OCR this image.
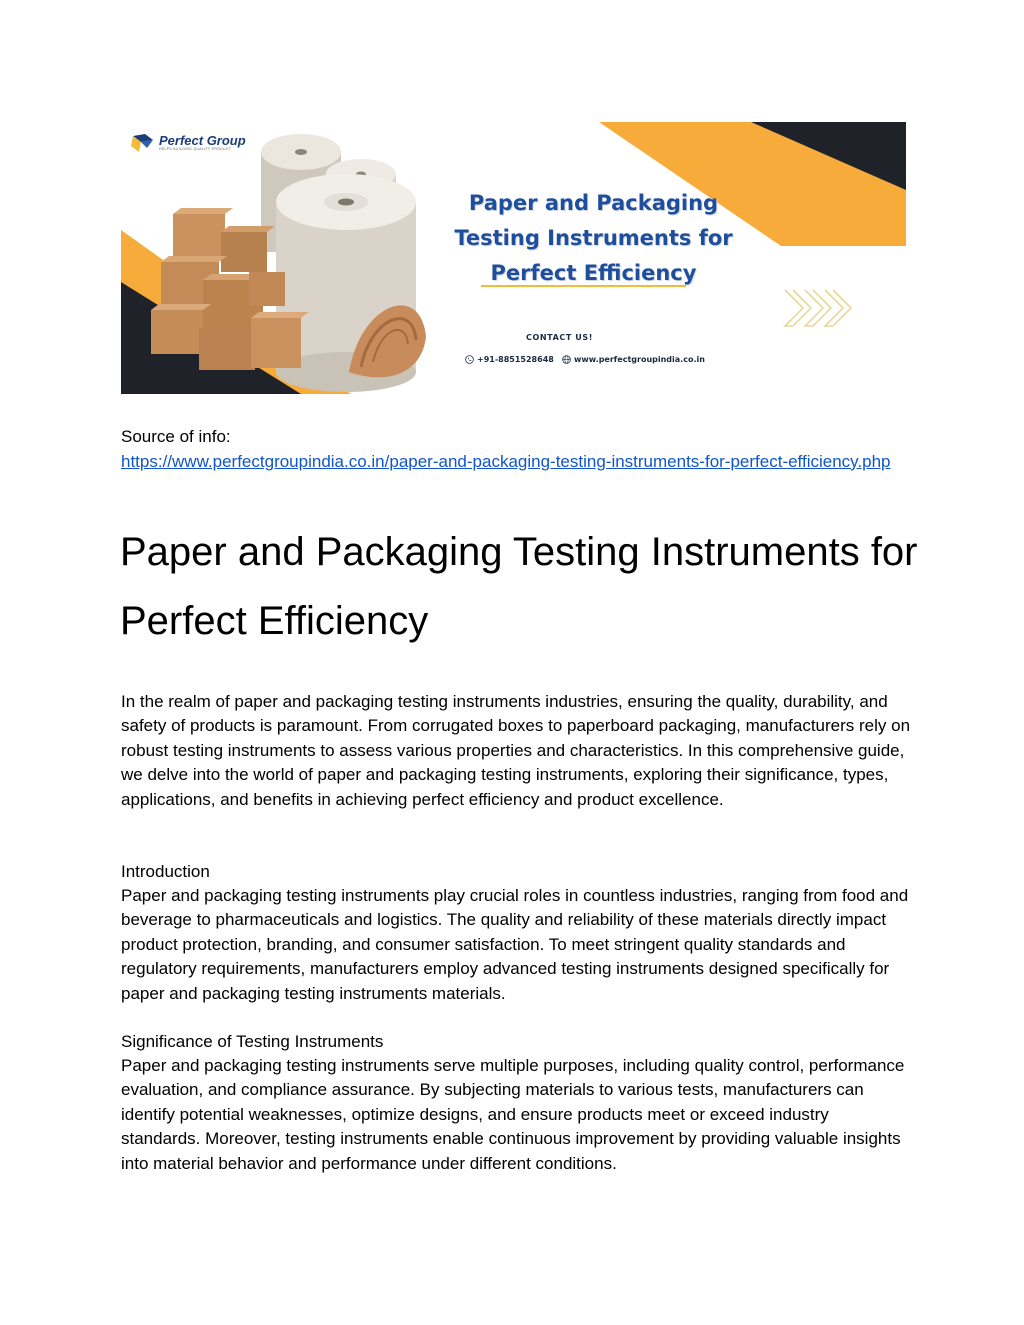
Perfect Group
HELPS BUILDING QUALITY PRODUCT
Paper and Packaging
Testing Instruments for
Perfect Efficiency
CONTACT US!
+91-8851528648	www.perfectgroupindia.co.in
Source of info:
https://www.perfectgroupindia.co.in/paper-and-packaging-testing-instruments-for-perfect-efficiency.php
Paper and Packaging Testing Instruments for Perfect Efficiency

In the realm of paper and packaging testing instruments industries, ensuring the quality, durability, and safety of products is paramount. From corrugated boxes to paperboard packaging, manufacturers rely on robust testing instruments to assess various properties and characteristics. In this comprehensive guide, we delve into the world of paper and packaging testing instruments, exploring their significance, types, applications, and benefits in achieving perfect efficiency and product excellence.

Introduction

Paper and packaging testing instruments play crucial roles in countless industries, ranging from food and beverage to pharmaceuticals and logistics. The quality and reliability of these materials directly impact product protection, branding, and consumer satisfaction. To meet stringent quality standards and regulatory requirements, manufacturers employ advanced testing instruments designed specifically for paper and packaging testing instruments materials.

Significance of Testing Instruments

Paper and packaging testing instruments serve multiple purposes, including quality control, performance evaluation, and compliance assurance. By subjecting materials to various tests, manufacturers can identify potential weaknesses, optimize designs, and ensure products meet or exceed industry standards. Moreover, testing instruments enable continuous improvement by providing valuable insights into material behavior and performance under different conditions.
